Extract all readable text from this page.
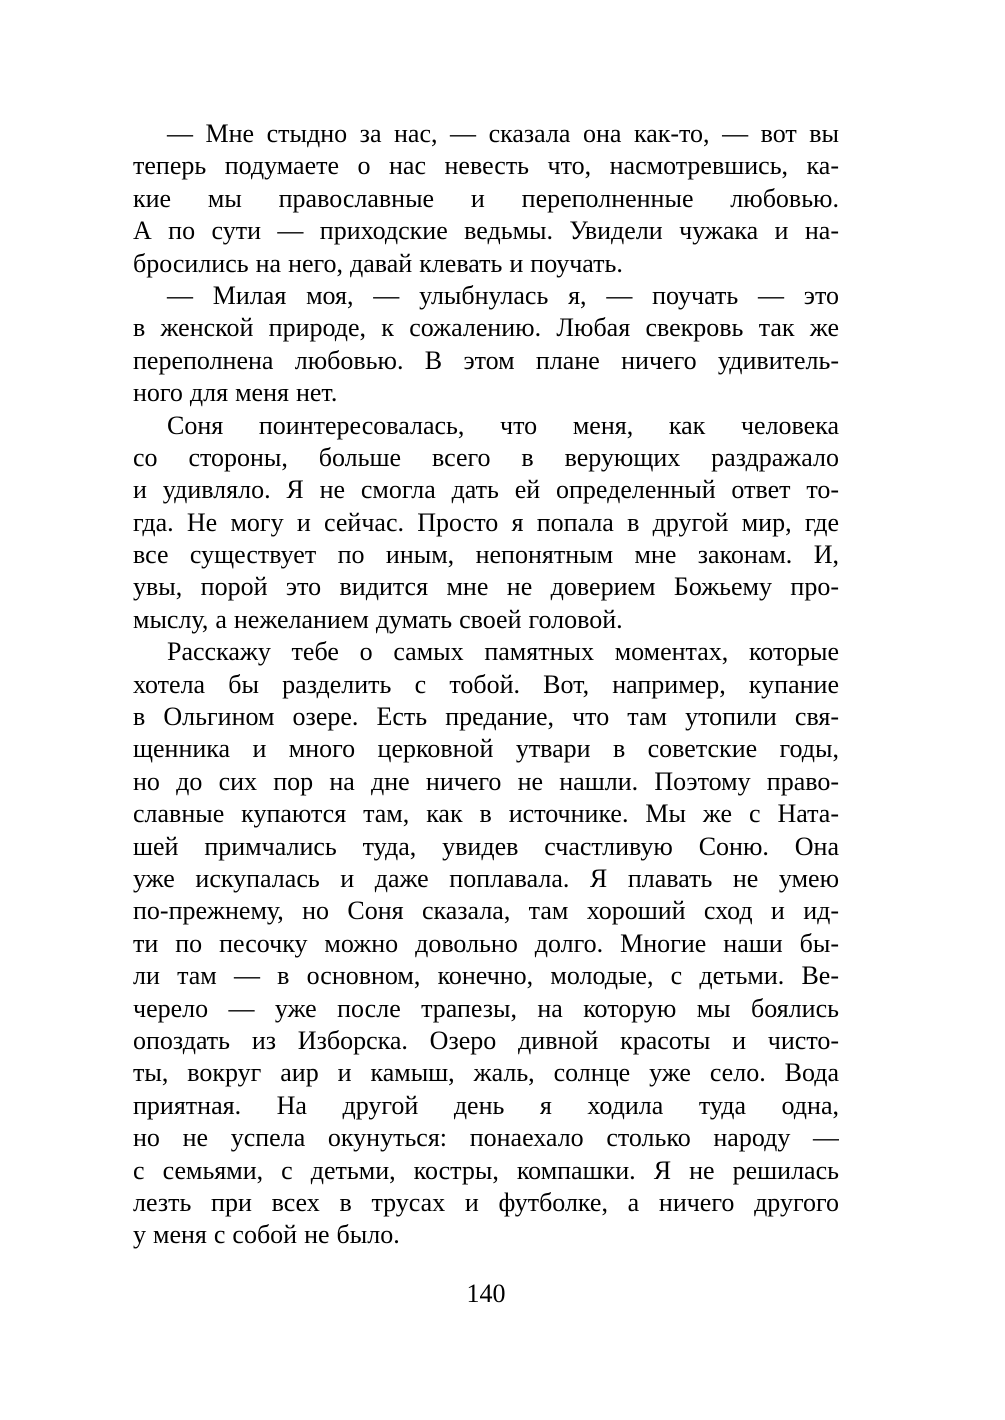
— Мне стыдно за нас, — сказала она как-то, — вот вы
теперь подумаете о нас невесть что, насмотревшись, ка-
кие мы православные и переполненные любовью.
А по сути — приходские ведьмы. Увидели чужака и на-
бросились на него, давай клевать и поучать.
— Милая моя, — улыбнулась я, — поучать — это
в женской природе, к сожалению. Любая свекровь так же
переполнена любовью. В этом плане ничего удивитель-
ного для меня нет.
Соня поинтересовалась, что меня, как человека
со стороны, больше всего в верующих раздражало
и удивляло. Я не смогла дать ей определенный ответ то-
гда. Не могу и сейчас. Просто я попала в другой мир, где
все существует по иным, непонятным мне законам. И,
увы, порой это видится мне не доверием Божьему про-
мыслу, а нежеланием думать своей головой.
Расскажу тебе о самых памятных моментах, которые
хотела бы разделить с тобой. Вот, например, купание
в Ольгином озере. Есть предание, что там утопили свя-
щенника и много церковной утвари в советские годы,
но до сих пор на дне ничего не нашли. Поэтому право-
славные купаются там, как в источнике. Мы же с Ната-
шей примчались туда, увидев счастливую Соню. Она
уже искупалась и даже поплавала. Я плавать не умею
по-прежнему, но Соня сказала, там хороший сход и ид-
ти по песочку можно довольно долго. Многие наши бы-
ли там — в основном, конечно, молодые, с детьми. Ве-
черело — уже после трапезы, на которую мы боялись
опоздать из Изборска. Озеро дивной красоты и чисто-
ты, вокруг аир и камыш, жаль, солнце уже село. Вода
приятная. На другой день я ходила туда одна,
но не успела окунуться: понаехало столько народу —
с семьями, с детьми, костры, компашки. Я не решилась
лезть при всех в трусах и футболке, а ничего другого
у меня с собой не было.
140
